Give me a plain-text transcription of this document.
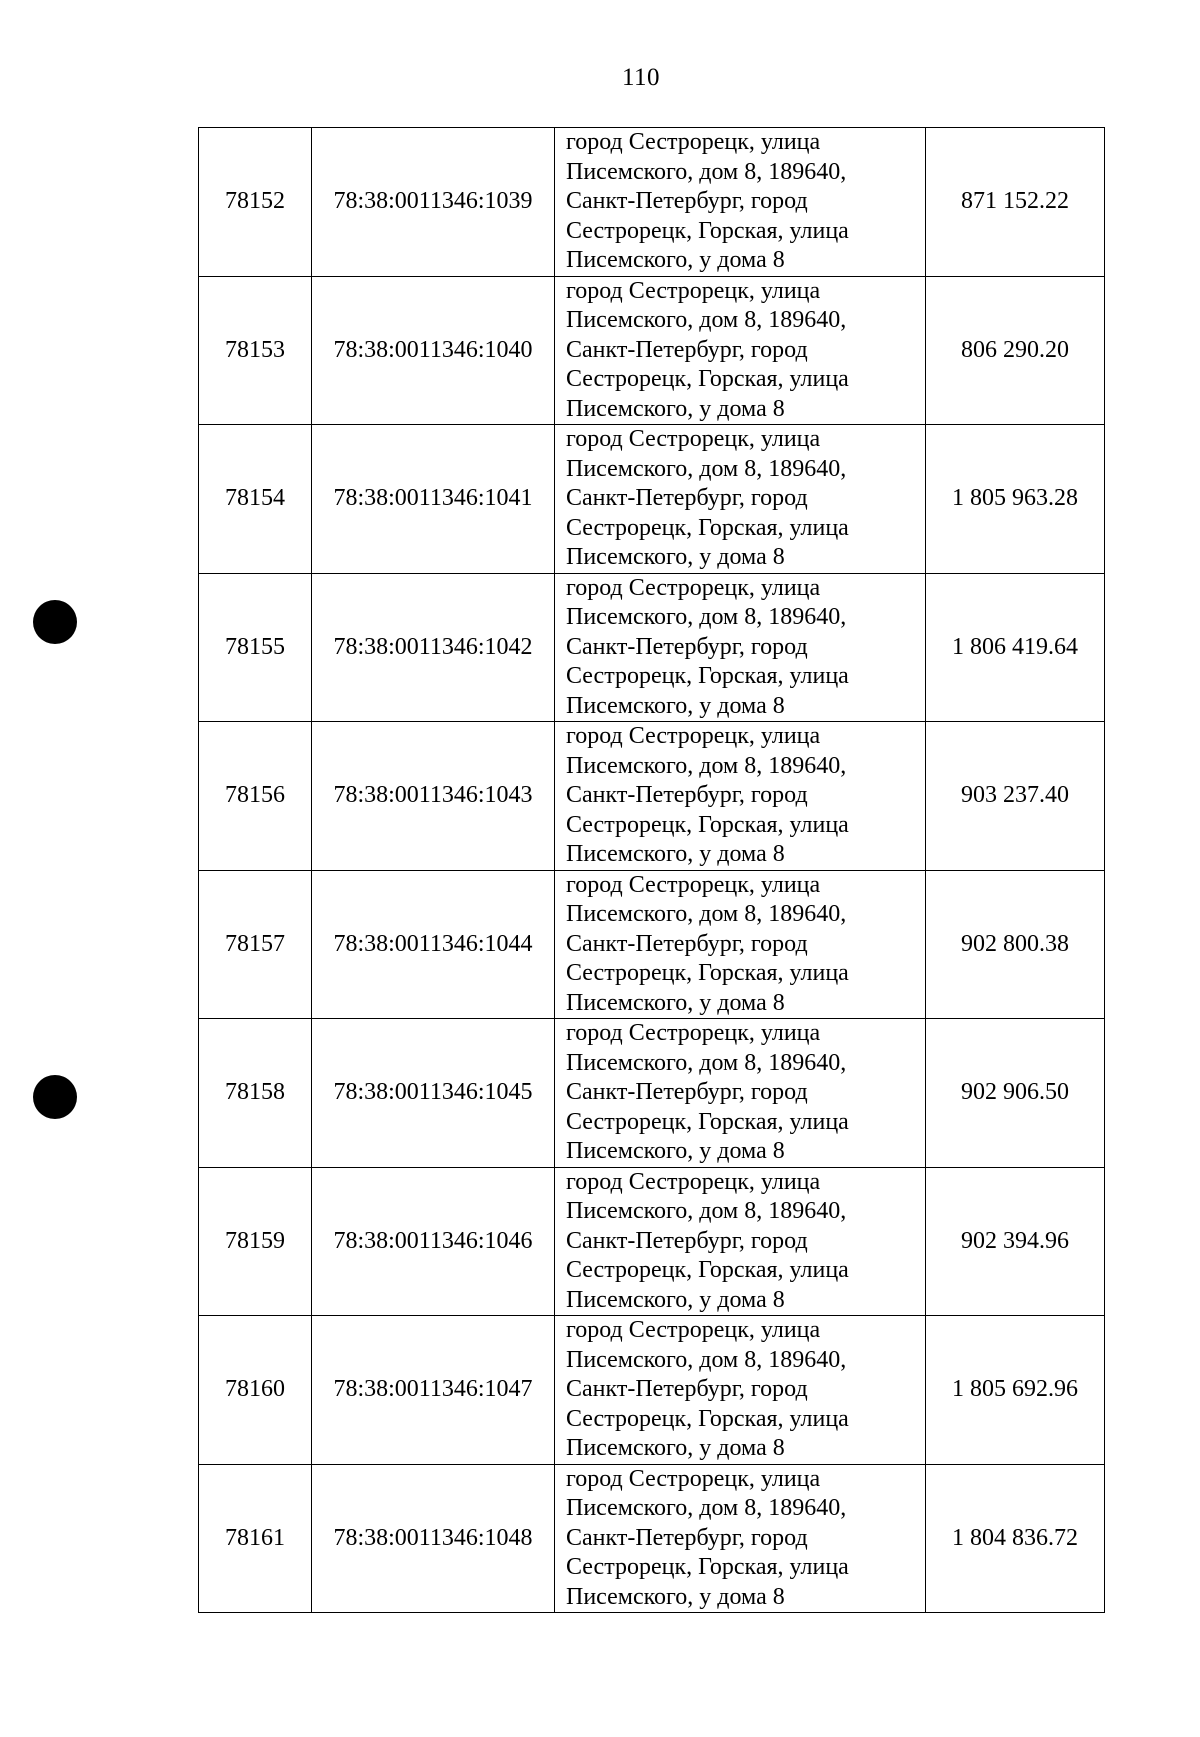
110
78152	78:38:0011346:1039	город Сестрорецк, улица
Писемского, дом 8, 189640,
Санкт-Петербург, город
Сестрорецк, Горская, улица
Писемского, у дома 8	871 152.22
78153	78:38:0011346:1040	город Сестрорецк, улица
Писемского, дом 8, 189640,
Санкт-Петербург, город
Сестрорецк, Горская, улица
Писемского, у дома 8	806 290.20
78154	78:38:0011346:1041	город Сестрорецк, улица
Писемского, дом 8, 189640,
Санкт-Петербург, город
Сестрорецк, Горская, улица
Писемского, у дома 8	1 805 963.28
78155	78:38:0011346:1042	город Сестрорецк, улица
Писемского, дом 8, 189640,
Санкт-Петербург, город
Сестрорецк, Горская, улица
Писемского, у дома 8	1 806 419.64
78156	78:38:0011346:1043	город Сестрорецк, улица
Писемского, дом 8, 189640,
Санкт-Петербург, город
Сестрорецк, Горская, улица
Писемского, у дома 8	903 237.40
78157	78:38:0011346:1044	город Сестрорецк, улица
Писемского, дом 8, 189640,
Санкт-Петербург, город
Сестрорецк, Горская, улица
Писемского, у дома 8	902 800.38
78158	78:38:0011346:1045	город Сестрорецк, улица
Писемского, дом 8, 189640,
Санкт-Петербург, город
Сестрорецк, Горская, улица
Писемского, у дома 8	902 906.50
78159	78:38:0011346:1046	город Сестрорецк, улица
Писемского, дом 8, 189640,
Санкт-Петербург, город
Сестрорецк, Горская, улица
Писемского, у дома 8	902 394.96
78160	78:38:0011346:1047	город Сестрорецк, улица
Писемского, дом 8, 189640,
Санкт-Петербург, город
Сестрорецк, Горская, улица
Писемского, у дома 8	1 805 692.96
78161	78:38:0011346:1048	город Сестрорецк, улица
Писемского, дом 8, 189640,
Санкт-Петербург, город
Сестрорецк, Горская, улица
Писемского, у дома 8	1 804 836.72
